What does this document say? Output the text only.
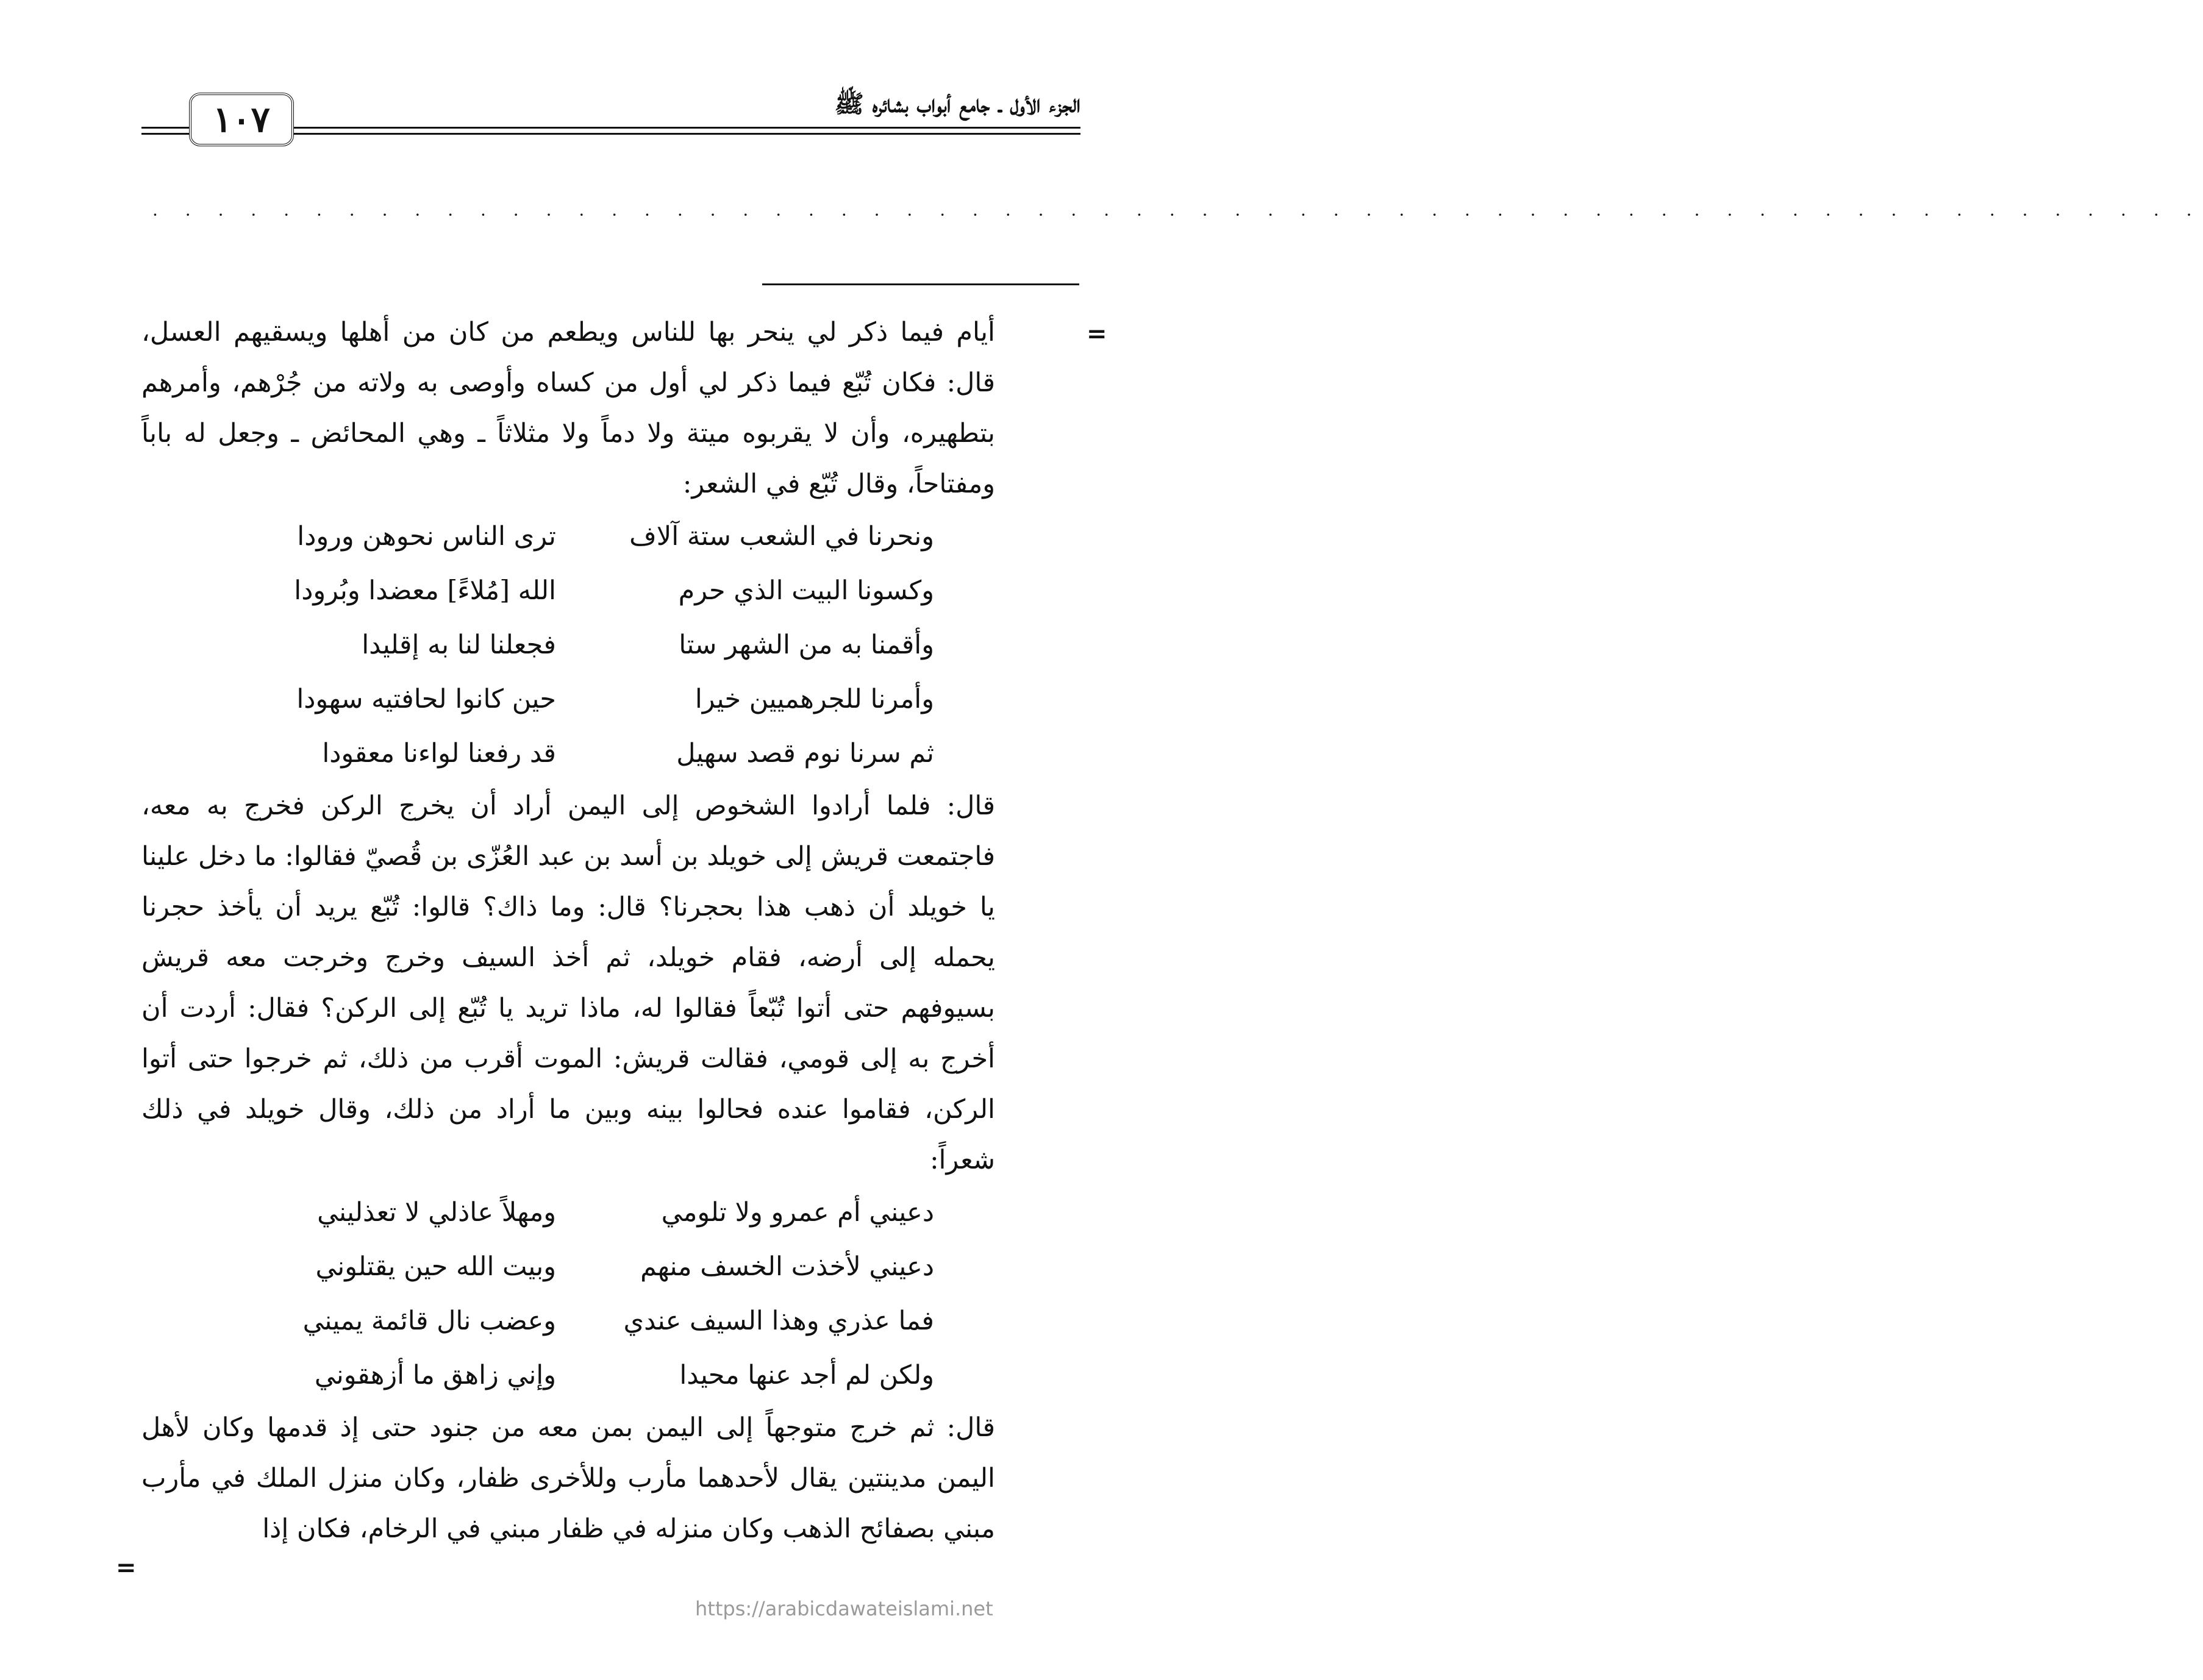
١٠٧	الجزء الأول ـ جامع أبواب بشائره ﷺ
· · · · · · · · · · · · · · · · · · · · · · · · · · · · · · · · · · · · · · · · · · · · · · · · · · · · · · · · · · · · · · ·
=
=

أيام فيما ذكر لي ينحر بها للناس ويطعم من كان من أهلها ويسقيهم العسل، قال: فكان تُبّع فيما ذكر لي أول من كساه وأوصى به ولاته من جُرْهم، وأمرهم بتطهيره، وأن لا يقربوه ميتة ولا دماً ولا مثلاثاً ـ وهي المحائض ـ وجعل له باباً ومفتاحاً، وقال تُبّع في الشعر:

ونحرنا في الشعب ستة آلاف
ترى الناس نحوهن ورودا
وكسونا البيت الذي حرم
الله [مُلاءً] معضدا وبُرودا
وأقمنا به من الشهر ستا
فجعلنا لنا به إقليدا
وأمرنا للجرهميين خيرا
حين كانوا لحافتيه سهودا
ثم سرنا نوم قصد سهيل
قد رفعنا لواءنا معقودا

قال: فلما أرادوا الشخوص إلى اليمن أراد أن يخرج الركن فخرج به معه، فاجتمعت قريش إلى خويلد بن أسد بن عبد العُزّى بن قُصيّ فقالوا: ما دخل علينا يا خويلد أن ذهب هذا بحجرنا؟ قال: وما ذاك؟ قالوا: تُبّع يريد أن يأخذ حجرنا يحمله إلى أرضه، فقام خويلد، ثم أخذ السيف وخرج وخرجت معه قريش بسيوفهم حتى أتوا تُبّعاً فقالوا له، ماذا تريد يا تُبّع إلى الركن؟ فقال: أردت أن أخرج به إلى قومي، فقالت قريش: الموت أقرب من ذلك، ثم خرجوا حتى أتوا الركن، فقاموا عنده فحالوا بينه وبين ما أراد من ذلك، وقال خويلد في ذلك شعراً:

دعيني أم عمرو ولا تلومي
ومهلاً عاذلي لا تعذليني
دعيني لأخذت الخسف منهم
وبيت الله حين يقتلوني
فما عذري وهذا السيف عندي
وعضب نال قائمة يميني
ولكن لم أجد عنها محيدا
وإني زاهق ما أزهقوني

قال: ثم خرج متوجهاً إلى اليمن بمن معه من جنود حتى إذ قدمها وكان لأهل اليمن مدينتين يقال لأحدهما مأرب وللأخرى ظفار، وكان منزل الملك في مأرب مبني بصفائح الذهب وكان منزله في ظفار مبني في الرخام، فكان إذا

https://arabicdawateislami.net
